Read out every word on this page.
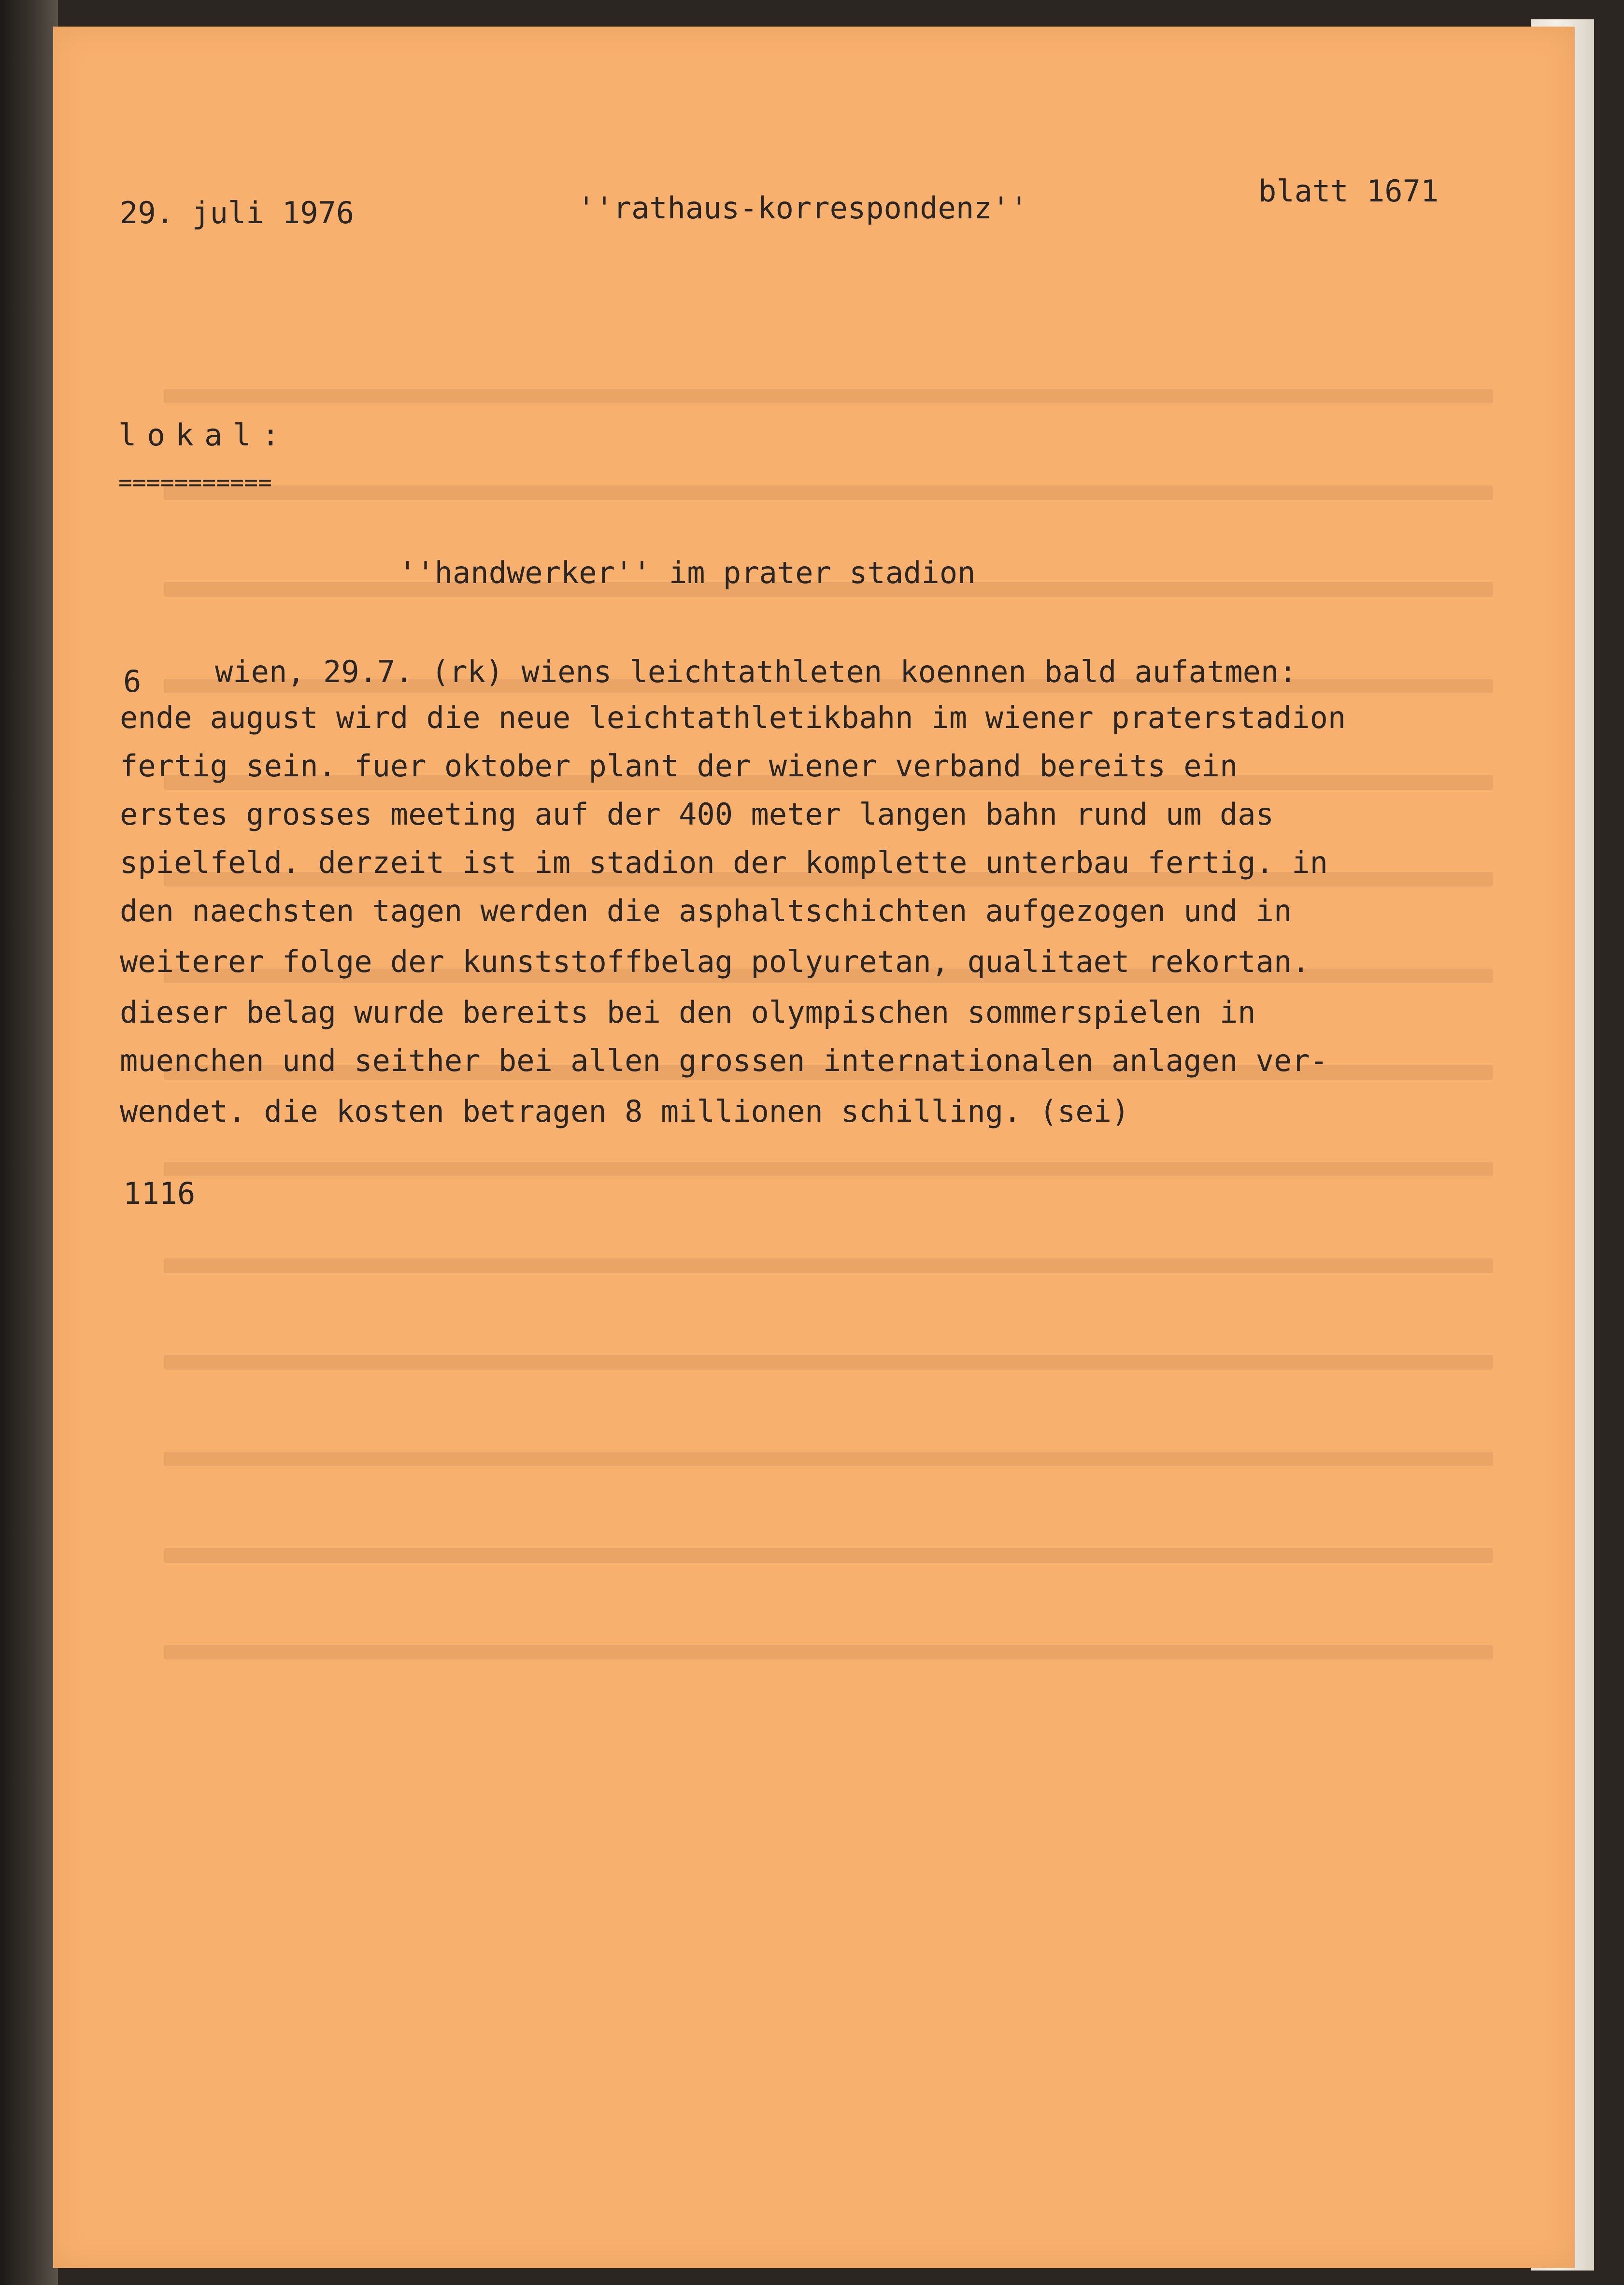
29. juli 1976	''rathaus-korrespondenz''	blatt 1671

lokal:

===========

''handwerker'' im prater stadion

6 wien, 29.7. (rk) wiens leichtathleten koennen bald aufatmen:

ende august wird die neue leichtathletikbahn im wiener praterstadion

fertig sein. fuer oktober plant der wiener verband bereits ein

erstes grosses meeting auf der 400 meter langen bahn rund um das

spielfeld. derzeit ist im stadion der komplette unterbau fertig. in

den naechsten tagen werden die asphaltschichten aufgezogen und in

weiterer folge der kunststoffbelag polyuretan, qualitaet rekortan.

dieser belag wurde bereits bei den olympischen sommerspielen in

muenchen und seither bei allen grossen internationalen anlagen ver-

wendet. die kosten betragen 8 millionen schilling. (sei)

1116
